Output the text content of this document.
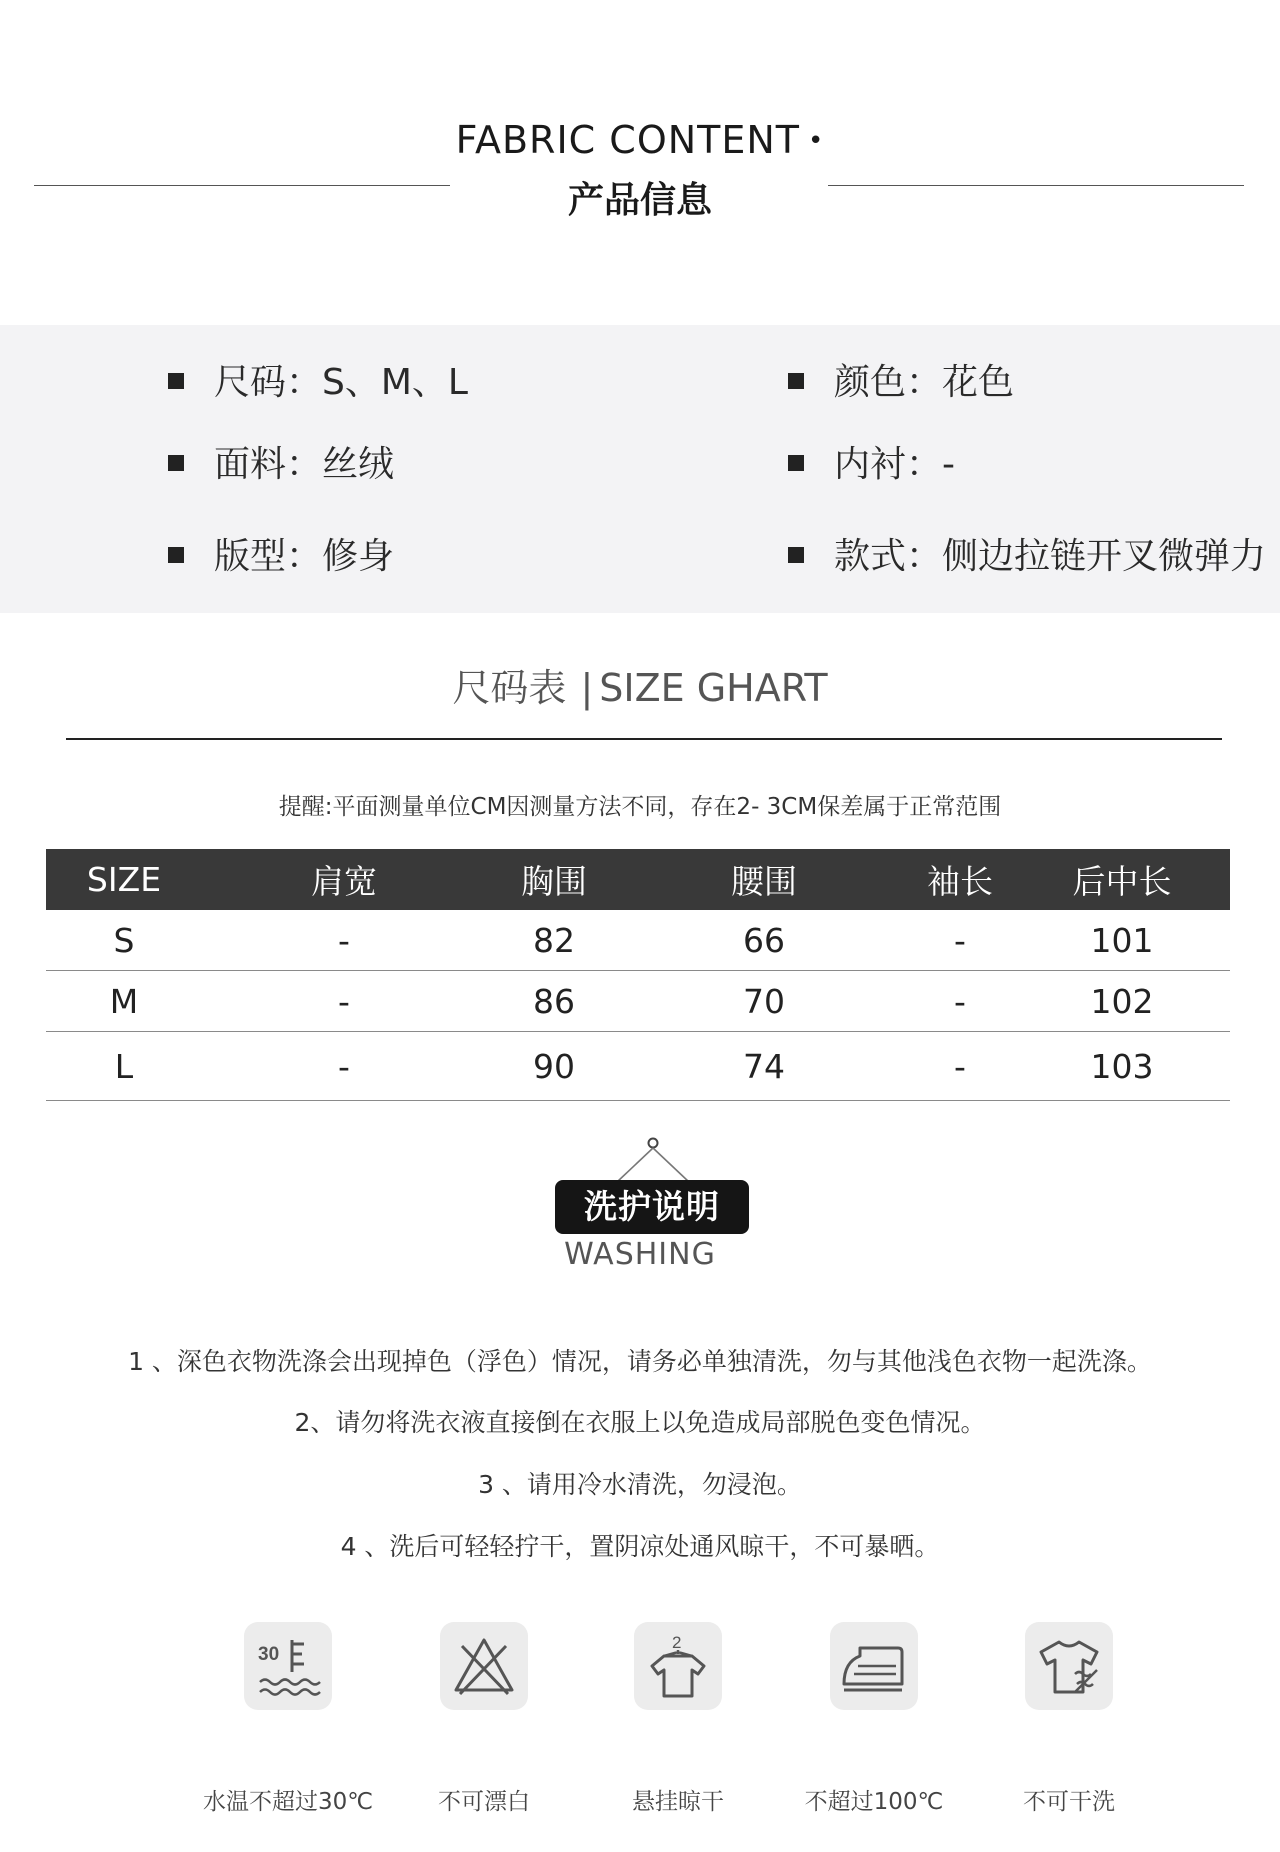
FABRIC CONTENT •
产品信息
尺码：S、M、L	颜色：花色
面料：丝绒	内衬：-
版型：修身	款式：侧边拉链开叉微弹力
尺码表 | SIZE GHART
提醒:平面测量单位CM因测量方法不同，存在2- 3CM保差属于正常范围
SIZE	肩宽	胸围	腰围	袖长	后中长
S	-	82	66	-	101
M	-	86	70	-	102
L	-	90	74	-	103
洗护说明
WASHING
1 、深色衣物洗涤会出现掉色（浮色）情况，请务必单独清洗，勿与其他浅色衣物一起洗涤。
2、请勿将洗衣液直接倒在衣服上以免造成局部脱色变色情况。
3 、请用冷水清洗，勿浸泡。
4 、洗后可轻轻拧干，置阴凉处通风晾干，不可暴晒。
30
2
水温不超过30℃	不可漂白	悬挂晾干	不超过100℃	不可干洗
